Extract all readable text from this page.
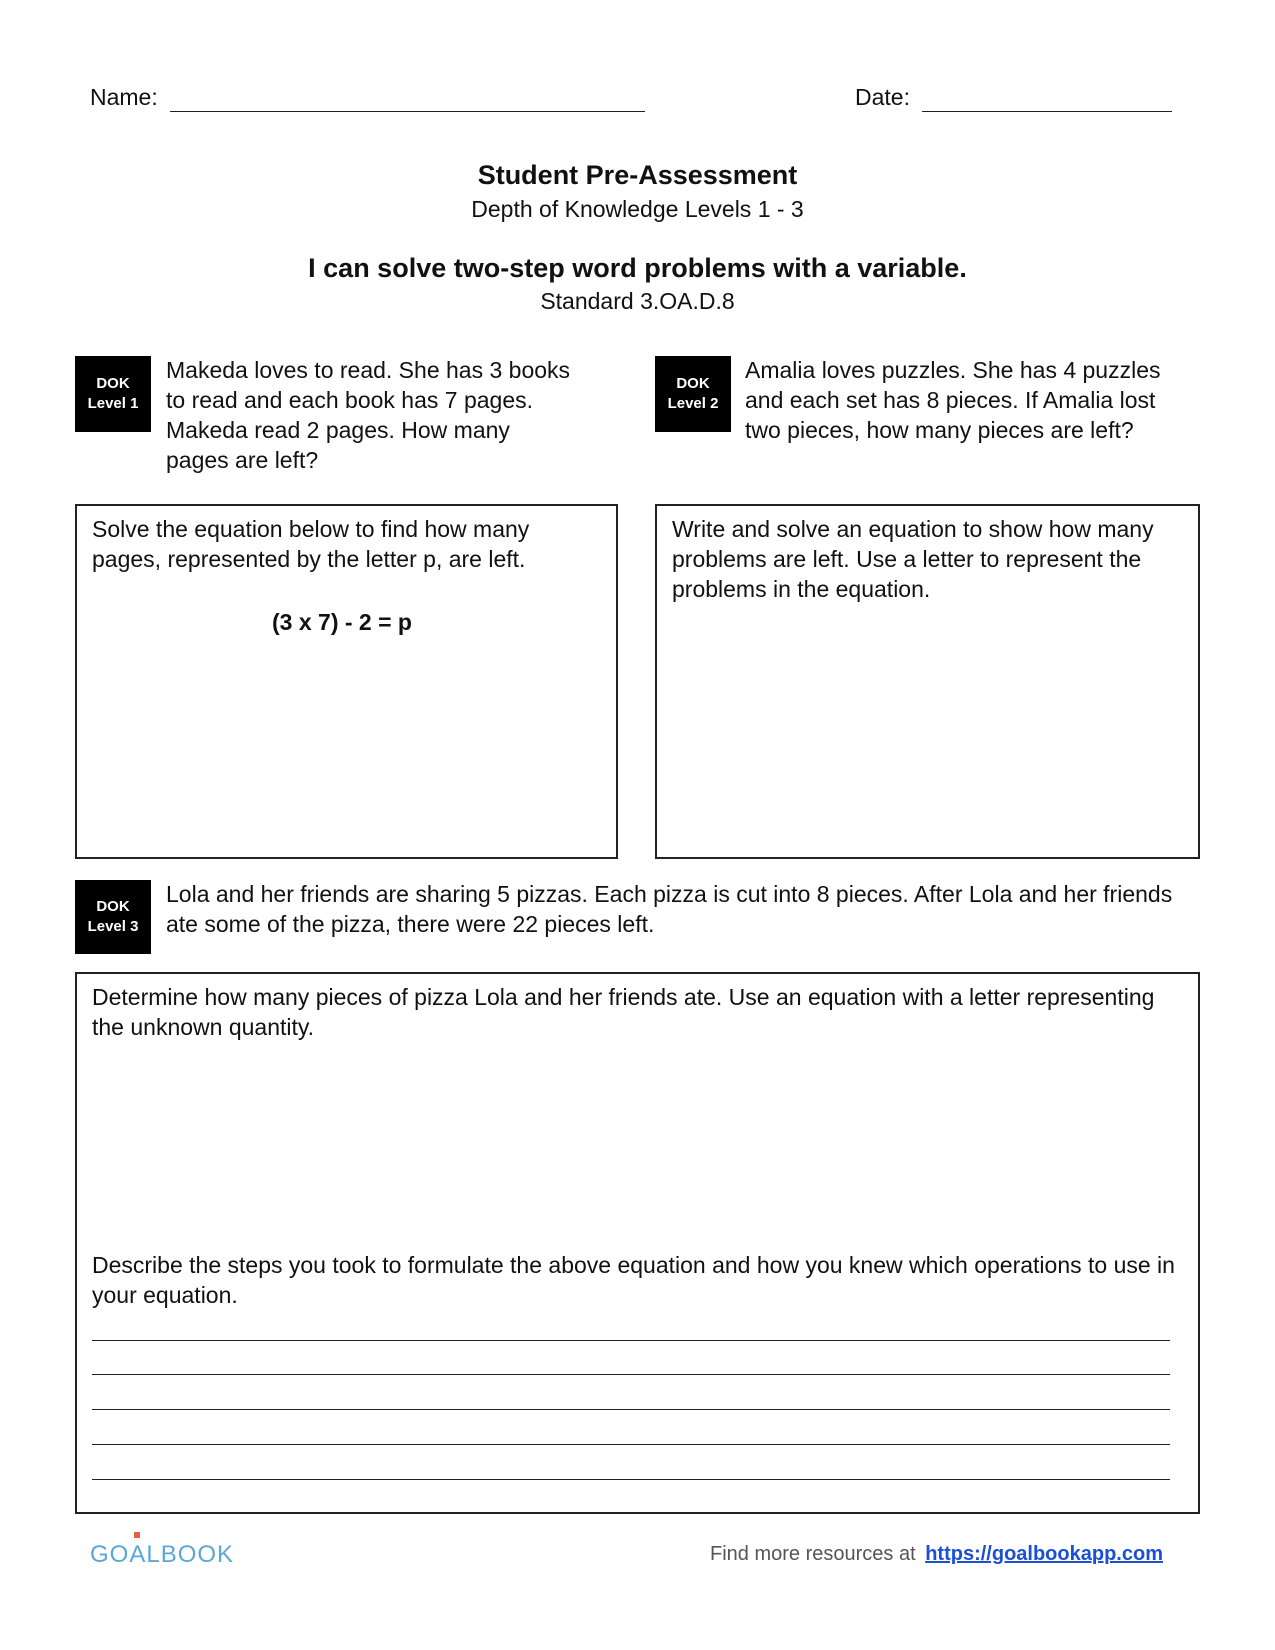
Name:	Date:
Student Pre-Assessment
Depth of Knowledge Levels 1 - 3
I can solve two-step word problems with a variable.
Standard 3.OA.D.8
DOK
Level 1
Makeda loves to read. She has 3 books to read and each book has 7 pages. Makeda read 2 pages. How many pages are left?
Solve the equation below to find how many pages, represented by the letter p, are left.
(3 x 7) - 2 = p
DOK
Level 2
Amalia loves puzzles. She has 4 puzzles and each set has 8 pieces. If Amalia lost two pieces, how many pieces are left?
Write and solve an equation to show how many problems are left. Use a letter to represent the problems in the equation.
DOK
Level 3
Lola and her friends are sharing 5 pizzas. Each pizza is cut into 8 pieces. After Lola and her friends ate some of the pizza, there were 22 pieces left.
Determine how many pieces of pizza Lola and her friends ate. Use an equation with a letter representing the unknown quantity.
Describe the steps you took to formulate the above equation and how you knew which operations to use in your equation.
GOALBOOK	Find more resources at https://goalbookapp.com
